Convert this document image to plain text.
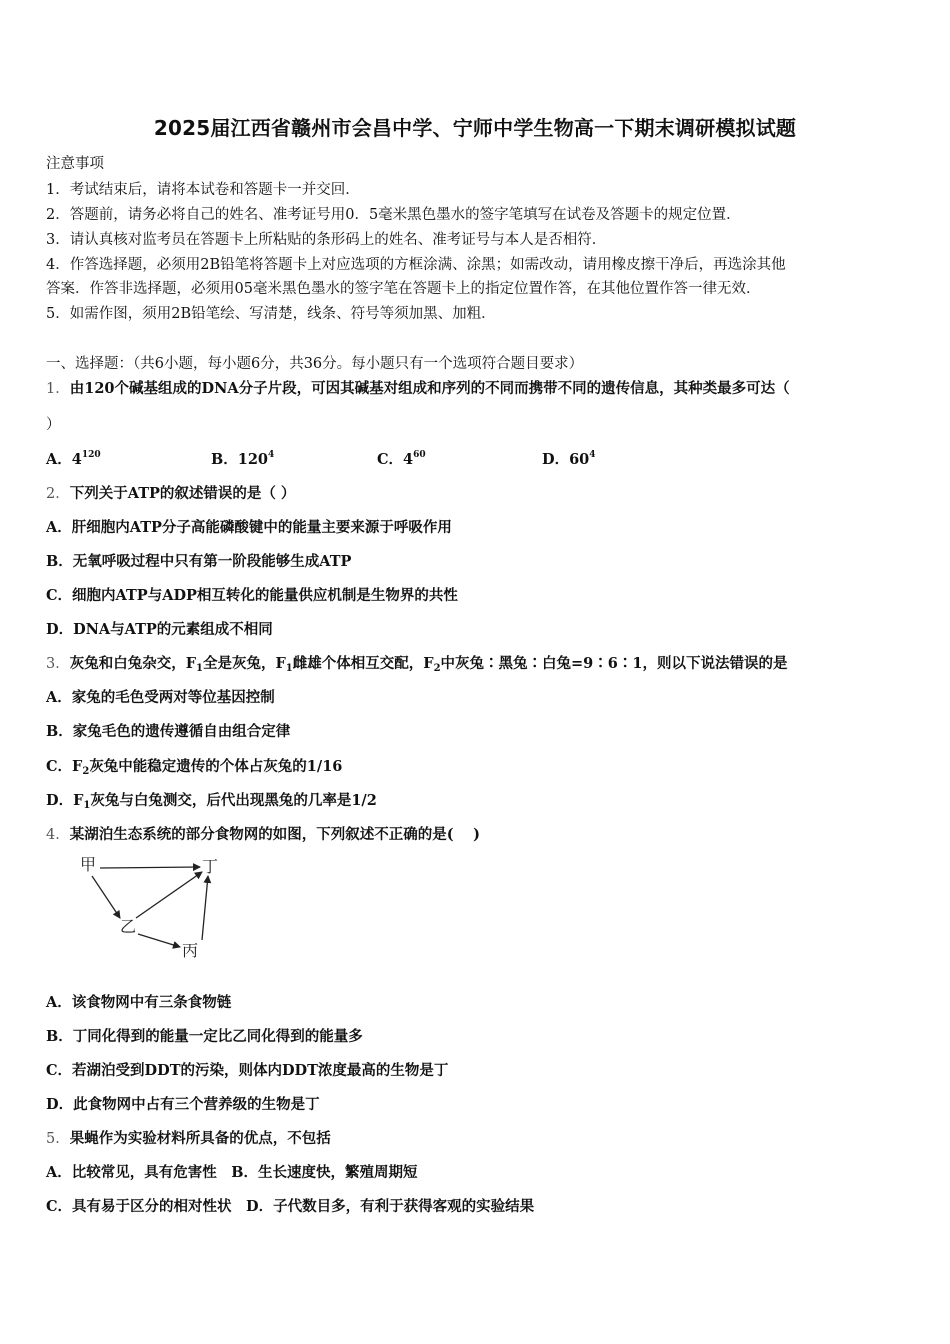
2025届江西省赣州市会昌中学、宁师中学生物高一下期末调研模拟试题
注意事项
1．考试结束后，请将本试卷和答题卡一并交回．
2．答题前，请务必将自己的姓名、准考证号用0．5毫米黑色墨水的签字笔填写在试卷及答题卡的规定位置．
3．请认真核对监考员在答题卡上所粘贴的条形码上的姓名、准考证号与本人是否相符．
4．作答选择题，必须用2B铅笔将答题卡上对应选项的方框涂满、涂黑；如需改动，请用橡皮擦干净后，再选涂其他
答案．作答非选择题，必须用05毫米黑色墨水的签字笔在答题卡上的指定位置作答，在其他位置作答一律无效．
5．如需作图，须用2B铅笔绘、写清楚，线条、符号等须加黑、加粗．
一、选择题：（共6小题，每小题6分，共36分。每小题只有一个选项符合题目要求）
1．由120个碱基组成的DNA分子片段，可因其碱基对组成和序列的不同而携带不同的遗传信息，其种类最多可达（
）
A．$4^{120}$	B．$120^4$	C．$4^{60}$	D．$60^4$
2．下列关于ATP的叙述错误的是（ ）
A．肝细胞内ATP分子高能磷酸键中的能量主要来源于呼吸作用
B．无氧呼吸过程中只有第一阶段能够生成ATP
C．细胞内ATP与ADP相互转化的能量供应机制是生物界的共性
D．DNA与ATP的元素组成不相同
3．灰兔和白兔杂交，$F_1$全是灰兔，$F_1$雌雄个体相互交配，$F_2$中灰兔∶黑兔∶白兔=9∶6∶1，则以下说法错误的是
A．家兔的毛色受两对等位基因控制
B．家兔毛色的遗传遵循自由组合定律
C．$F_2$灰兔中能稳定遗传的个体占灰兔的1/16
D．$F_1$灰兔与白兔测交，后代出现黑兔的几率是1/2
4．某湖泊生态系统的部分食物网的如图，下列叙述不正确的是(　 )
甲	丁
乙
丙
A．该食物网中有三条食物链
B．丁同化得到的能量一定比乙同化得到的能量多
C．若湖泊受到DDT的污染，则体内DDT浓度最高的生物是丁
D．此食物网中占有三个营养级的生物是丁
5．果蝇作为实验材料所具备的优点，不包括
A．比较常见，具有危害性　B．生长速度快，繁殖周期短
C．具有易于区分的相对性状　D．子代数目多，有利于获得客观的实验结果
